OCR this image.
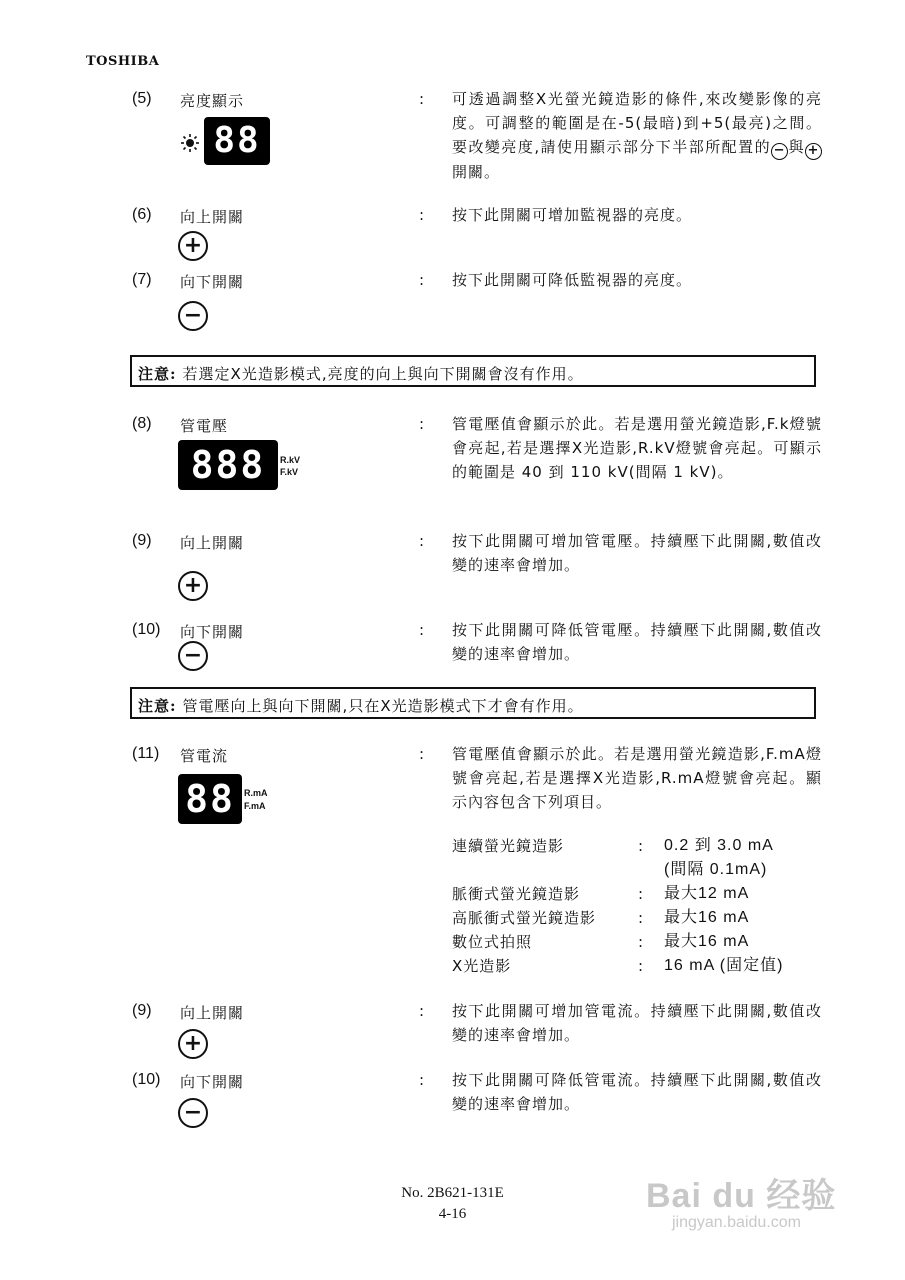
TOSHIBA
(5) 亮度顯示	: 可透過調整X光螢光鏡造影的條件,來改變影像的亮度。可調整的範圍是在-5(最暗)到+5(最亮)之間。要改變亮度,請使用顯示部分下半部所配置的 − 與 +開關。
88
(6) 向上開關	: 按下此開關可增加監視器的亮度。
+
(7) 向下開關	: 按下此開關可降低監視器的亮度。
−
注意: 若選定X光造影模式,亮度的向上與向下開關會沒有作用。
(8) 管電壓	: 管電壓值會顯示於此。若是選用螢光鏡造影,F.k燈號會亮起,若是選擇X光造影,R.kV燈號會亮起。可顯示的範圍是 40 到 110 kV(間隔 1 kV)。
888	R.kV
F.kV
(9) 向上開關	: 按下此開關可增加管電壓。持續壓下此開關,數值改變的速率會增加。
+
(10) 向下開關	: 按下此開關可降低管電壓。持續壓下此開關,數值改變的速率會增加。
−
注意: 管電壓向上與向下開關,只在X光造影模式下才會有作用。
(11) 管電流	: 管電壓值會顯示於此。若是選用螢光鏡造影,F.mA燈號會亮起,若是選擇X光造影,R.mA燈號會亮起。顯示內容包含下列項目。
88	R.mA
F.mA
連續螢光鏡造影	: 0.2 到 3.0 mA
(間隔 0.1mA)
脈衝式螢光鏡造影	: 最大12 mA
高脈衝式螢光鏡造影	: 最大16 mA
數位式拍照	: 最大16 mA
X光造影	: 16 mA (固定值)
(9) 向上開關	: 按下此開關可增加管電流。持續壓下此開關,數值改變的速率會增加。
+
(10) 向下開關	: 按下此開關可降低管電流。持續壓下此開關,數值改變的速率會增加。
−
No. 2B621-131E
4-16	Bai du 经验
jingyan.baidu.com
